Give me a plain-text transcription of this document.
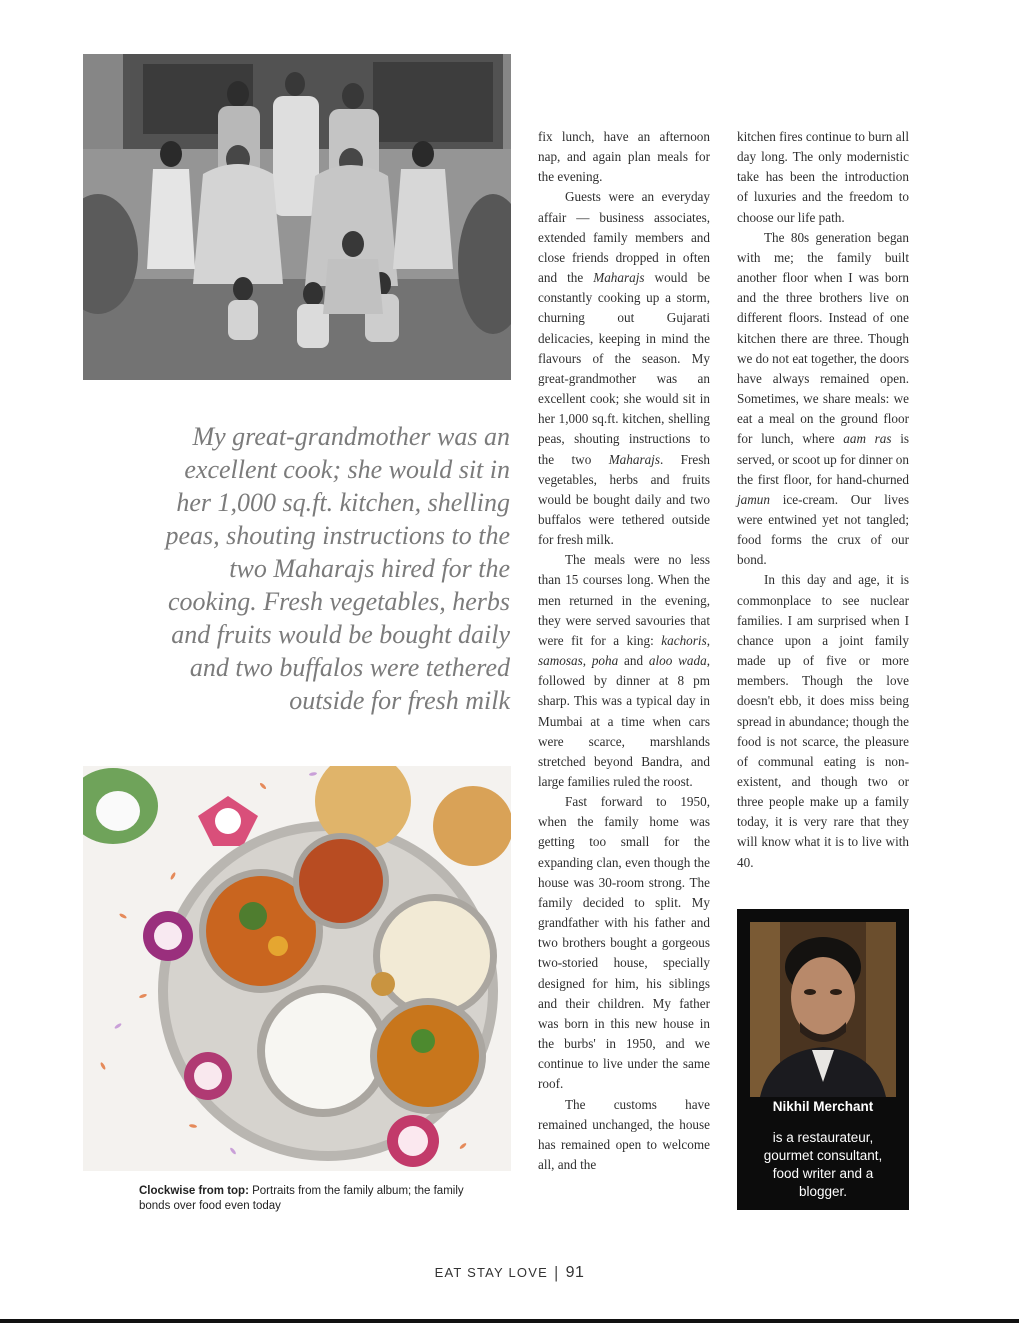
My great-grandmother was an excellent cook; she would sit in her 1,000 sq.ft. kitchen, shelling peas, shouting instructions to the two Maharajs hired for the cooking. Fresh vegetables, herbs and fruits would be bought daily and two buffalos were tethered outside for fresh milk
Clockwise from top: Portraits from the family album; the family bonds over food even today

fix lunch, have an afternoon nap, and again plan meals for the evening.

Guests were an everyday affair — business associates, extended family members and close friends dropped in often and the Maharajs would be constantly cooking up a storm, churning out Gujarati delicacies, keeping in mind the flavours of the season. My great-grandmother was an excellent cook; she would sit in her 1,000 sq.ft. kitchen, shelling peas, shouting instructions to the two Maharajs. Fresh vegetables, herbs and fruits would be bought daily and two buffalos were tethered outside for fresh milk.

The meals were no less than 15 courses long. When the men returned in the evening, they were served savouries that were fit for a king: kachoris, samosas, poha and aloo wada, followed by dinner at 8 pm sharp. This was a typical day in Mumbai at a time when cars were scarce, marshlands stretched beyond Bandra, and large families ruled the roost.

Fast forward to 1950, when the family home was getting too small for the expanding clan, even though the house was 30-room strong. The family decided to split. My grandfather with his father and two brothers bought a gorgeous two-storied house, specially designed for him, his siblings and their children. My father was born in this new house in the burbs' in 1950, and we continue to live under the same roof.

The customs have remained unchanged, the house has remained open to welcome all, and the

kitchen fires continue to burn all day long. The only modernistic take has been the introduction of luxuries and the freedom to choose our life path.

The 80s generation began with me; the family built another floor when I was born and the three brothers live on different floors. Instead of one kitchen there are three. Though we do not eat together, the doors have always remained open. Sometimes, we share meals: we eat a meal on the ground floor for lunch, where aam ras is served, or scoot up for dinner on the first floor, for hand-churned jamun ice-cream. Our lives were entwined yet not tangled; food forms the crux of our bond.

In this day and age, it is commonplace to see nuclear families. I am surprised when I chance upon a joint family made up of five or more members. Though the love doesn't ebb, it does miss being spread in abundance; though the food is not scarce, the pleasure of communal eating is non-existent, and though two or three people make up a family today, it is very rare that they will know what it is to live with 40.

Nikhil Merchant
is a restaurateur, gourmet consultant, food writer and a blogger.
EAT STAY LOVE | 91
